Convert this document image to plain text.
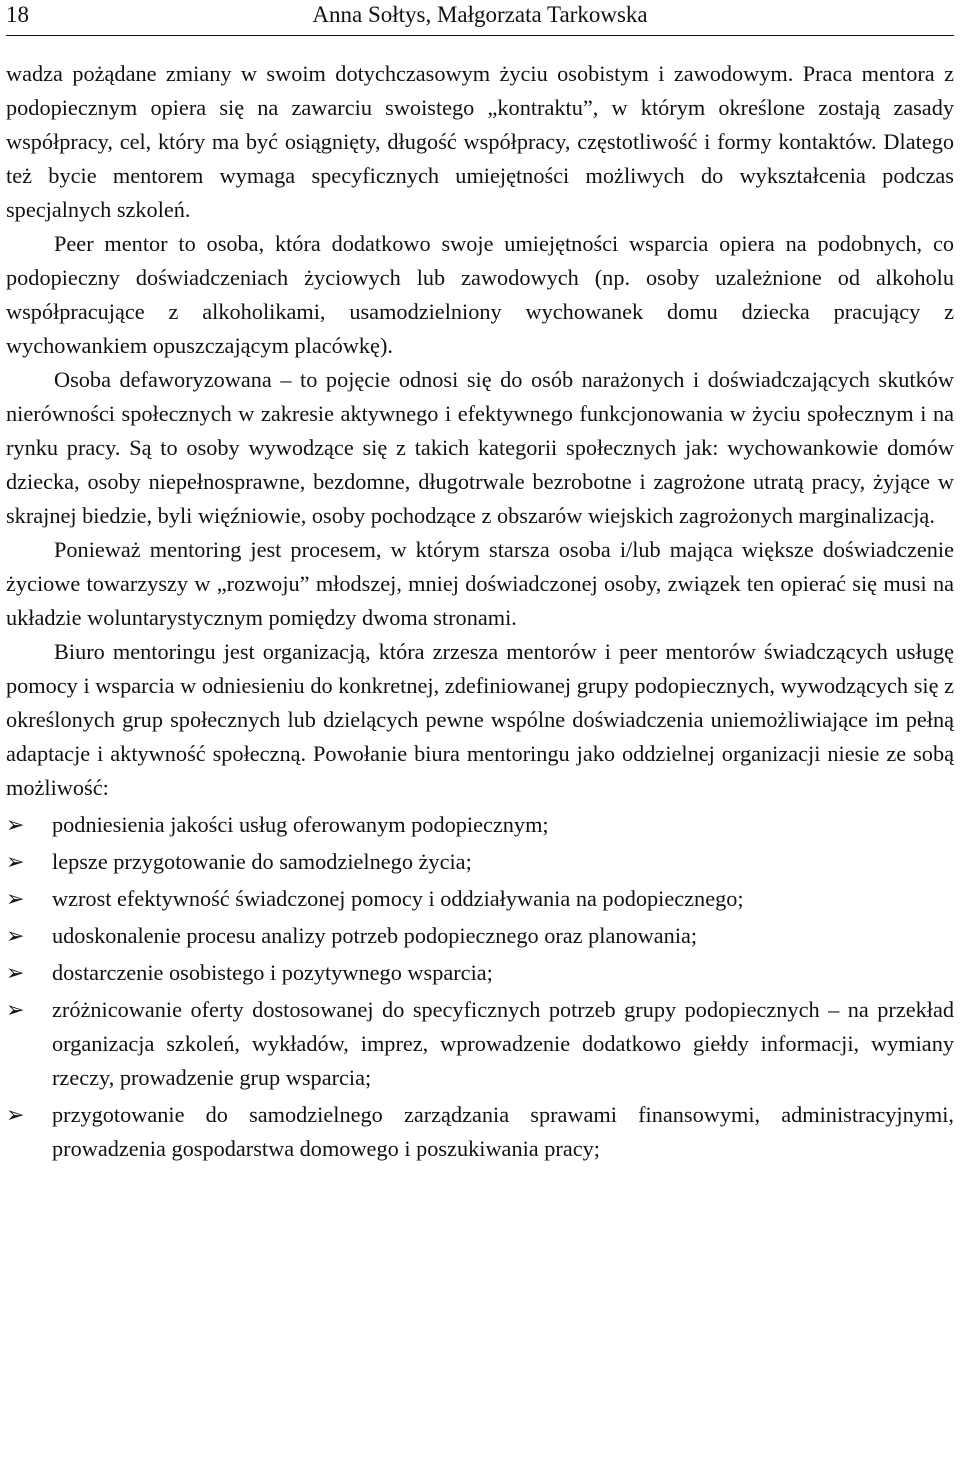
18	Anna Sołtys, Małgorzata Tarkowska

wadza pożądane zmiany w swoim dotychczasowym życiu osobistym i zawodowym. Praca mentora z podopiecznym opiera się na zawarciu swoistego „kontraktu”, w którym określone zostają zasady współpracy, cel, który ma być osiągnięty, długość współpracy, częstotliwość i formy kontaktów. Dlatego też bycie mentorem wymaga specyficznych umiejętności możliwych do wykształcenia podczas specjalnych szkoleń.

Peer mentor to osoba, która dodatkowo swoje umiejętności wsparcia opiera na podobnych, co podopieczny doświadczeniach życiowych lub zawodowych (np. osoby uzależnione od alkoholu współpracujące z alkoholikami, usamodzielniony wychowanek domu dziecka pracujący z wychowankiem opuszczającym placówkę).

Osoba defaworyzowana – to pojęcie odnosi się do osób narażonych i doświadczających skutków nierówności społecznych w zakresie aktywnego i efektywnego funkcjonowania w życiu społecznym i na rynku pracy. Są to osoby wywodzące się z takich kategorii społecznych jak: wychowankowie domów dziecka, osoby niepełnosprawne, bezdomne, długotrwale bezrobotne i zagrożone utratą pracy, żyjące w skrajnej biedzie, byli więźniowie, osoby pochodzące z obszarów wiejskich zagrożonych marginalizacją.

Ponieważ mentoring jest procesem, w którym starsza osoba i/lub mająca większe doświadczenie życiowe towarzyszy w „rozwoju” młodszej, mniej doświadczonej osoby, związek ten opierać się musi na układzie woluntarystycznym pomiędzy dwoma stronami.

Biuro mentoringu jest organizacją, która zrzesza mentorów i peer mentorów świadczących usługę pomocy i wsparcia w odniesieniu do konkretnej, zdefiniowanej grupy podopiecznych, wywodzących się z określonych grup społecznych lub dzielących pewne wspólne doświadczenia uniemożliwiające im pełną adaptacje i aktywność społeczną. Powołanie biura mentoringu jako oddzielnej organizacji niesie ze sobą możliwość:

➢	podniesienia jakości usług oferowanym podopiecznym;
➢	lepsze przygotowanie do samodzielnego życia;
➢	wzrost efektywność świadczonej pomocy i oddziaływania na podopiecznego;
➢	udoskonalenie procesu analizy potrzeb podopiecznego oraz planowania;
➢	dostarczenie osobistego i pozytywnego wsparcia;
➢	zróżnicowanie oferty dostosowanej do specyficznych potrzeb grupy podopiecznych – na przekład organizacja szkoleń, wykładów, imprez, wprowadzenie dodatkowo giełdy informacji, wymiany rzeczy, prowadzenie grup wsparcia;
➢	przygotowanie do samodzielnego zarządzania sprawami finansowymi, administracyjnymi, prowadzenia gospodarstwa domowego i poszukiwania pracy;
